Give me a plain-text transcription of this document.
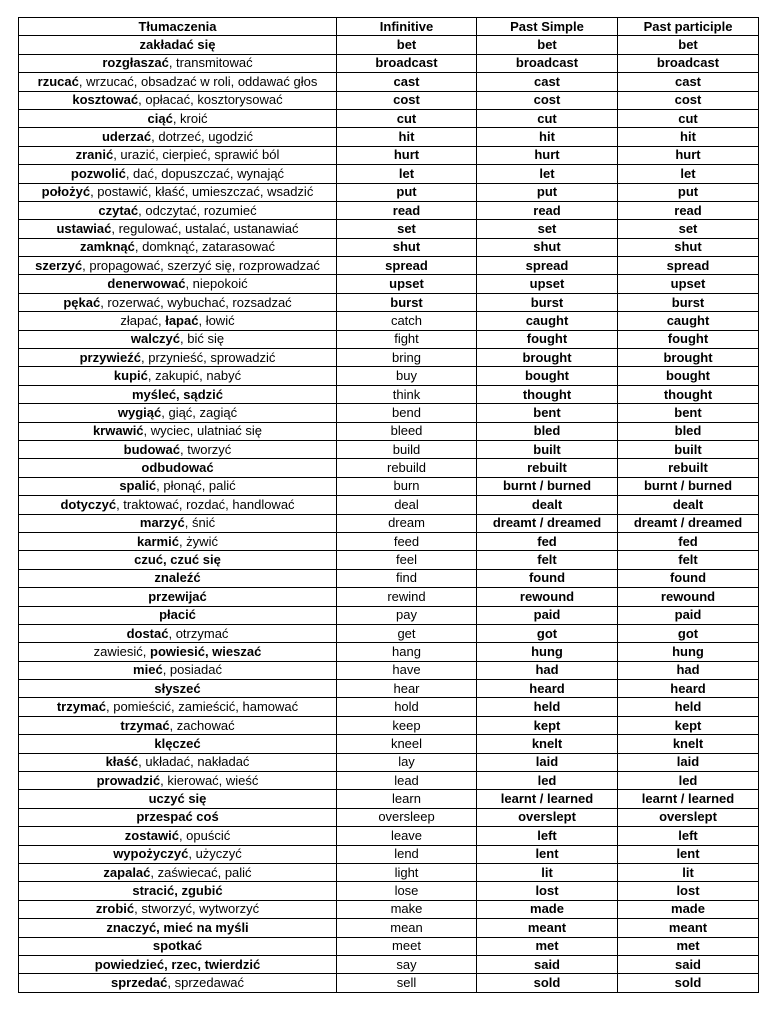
Tłumaczenia	Infinitive	Past Simple	Past participle
zakładać się	bet	bet	bet
rozgłaszać, transmitować	broadcast	broadcast	broadcast
rzucać, wrzucać, obsadzać w roli, oddawać głos	cast	cast	cast
kosztować, opłacać, kosztorysować	cost	cost	cost
ciąć, kroić	cut	cut	cut
uderzać, dotrzeć, ugodzić	hit	hit	hit
zranić, urazić, cierpieć, sprawić ból	hurt	hurt	hurt
pozwolić, dać, dopuszczać, wynająć	let	let	let
położyć, postawić, kłaść, umieszczać, wsadzić	put	put	put
czytać, odczytać, rozumieć	read	read	read
ustawiać, regulować, ustalać, ustanawiać	set	set	set
zamknąć, domknąć, zatarasować	shut	shut	shut
szerzyć, propagować, szerzyć się, rozprowadzać	spread	spread	spread
denerwować, niepokoić	upset	upset	upset
pękać, rozerwać, wybuchać, rozsadzać	burst	burst	burst
złapać, łapać, łowić	catch	caught	caught
walczyć, bić się	fight	fought	fought
przywieźć, przynieść, sprowadzić	bring	brought	brought
kupić, zakupić, nabyć	buy	bought	bought
myśleć, sądzić	think	thought	thought
wygiąć, giąć, zagiąć	bend	bent	bent
krwawić, wyciec, ulatniać się	bleed	bled	bled
budować, tworzyć	build	built	built
odbudować	rebuild	rebuilt	rebuilt
spalić, płonąć, palić	burn	burnt / burned	burnt / burned
dotyczyć, traktować, rozdać, handlować	deal	dealt	dealt
marzyć, śnić	dream	dreamt / dreamed	dreamt / dreamed
karmić, żywić	feed	fed	fed
czuć, czuć się	feel	felt	felt
znaleźć	find	found	found
przewijać	rewind	rewound	rewound
płacić	pay	paid	paid
dostać, otrzymać	get	got	got
zawiesić, powiesić, wieszać	hang	hung	hung
mieć, posiadać	have	had	had
słyszeć	hear	heard	heard
trzymać, pomieścić, zamieścić, hamować	hold	held	held
trzymać, zachować	keep	kept	kept
klęczeć	kneel	knelt	knelt
kłaść, układać, nakładać	lay	laid	laid
prowadzić, kierować, wieść	lead	led	led
uczyć się	learn	learnt / learned	learnt / learned
przespać coś	oversleep	overslept	overslept
zostawić, opuścić	leave	left	left
wypożyczyć, użyczyć	lend	lent	lent
zapalać, zaświecać, palić	light	lit	lit
stracić, zgubić	lose	lost	lost
zrobić, stworzyć, wytworzyć	make	made	made
znaczyć, mieć na myśli	mean	meant	meant
spotkać	meet	met	met
powiedzieć, rzec, twierdzić	say	said	said
sprzedać, sprzedawać	sell	sold	sold
